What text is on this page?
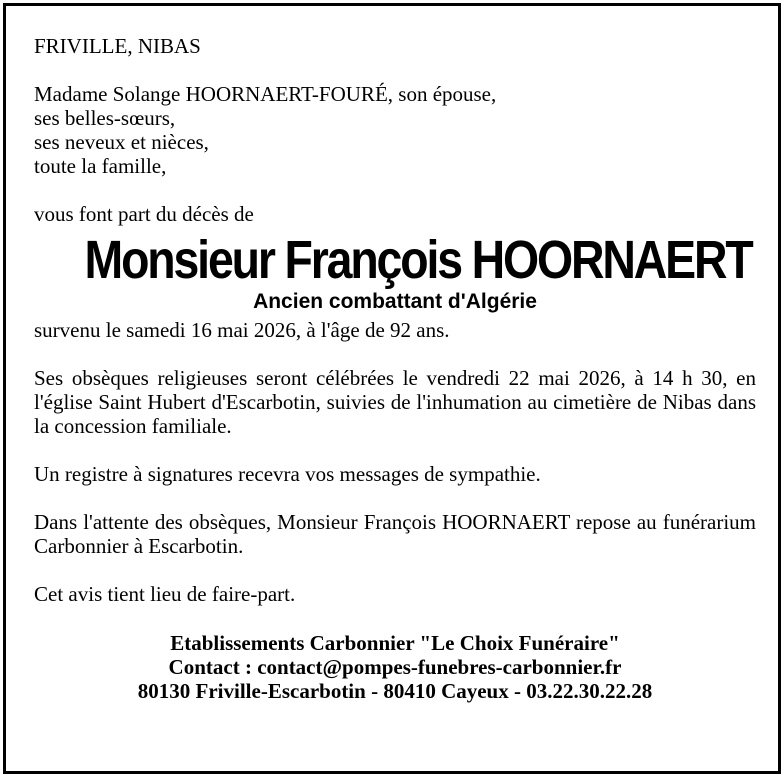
FRIVILLE, NIBAS

Madame Solange HOORNAERT-FOURÉ, son épouse,

ses belles-sœurs,

ses neveux et nièces,

toute la famille,

vous font part du décès de

Monsieur François HOORNAERT
Ancien combattant d'Algérie

survenu le samedi 16 mai 2026, à l'âge de 92 ans.

Ses obsèques religieuses seront célébrées le vendredi 22 mai 2026, à 14 h 30, en l'église Saint Hubert d'Escarbotin, suivies de l'inhumation au cimetière de Nibas dans la concession familiale.

Un registre à signatures recevra vos messages de sympathie.

Dans l'attente des obsèques, Monsieur François HOORNAERT repose au funérarium Carbonnier à Escarbotin.

Cet avis tient lieu de faire-part.

Etablissements Carbonnier "Le Choix Funéraire"
Contact : contact@pompes-funebres-carbonnier.fr
80130 Friville-Escarbotin - 80410 Cayeux - 03.22.30.22.28
